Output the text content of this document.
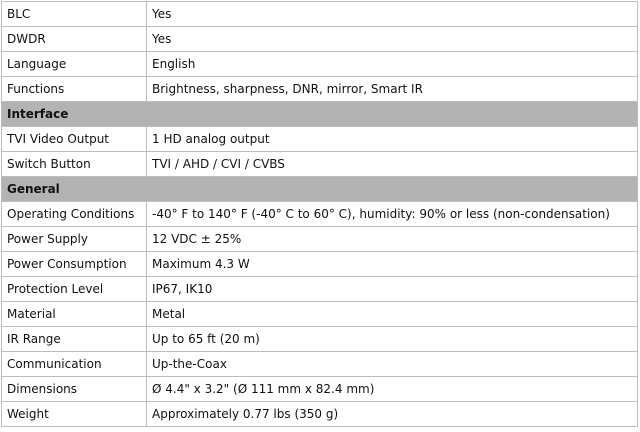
BLC	Yes
DWDR	Yes
Language	English
Functions	Brightness, sharpness, DNR, mirror, Smart IR
Interface	
TVI Video Output	1 HD analog output
Switch Button	TVI / AHD / CVI / CVBS
General	
Operating Conditions	-40° F to 140° F (-40° C to 60° C), humidity: 90% or less (non-condensation)
Power Supply	12 VDC ± 25%
Power Consumption	Maximum 4.3 W
Protection Level	IP67, IK10
Material	Metal
IR Range	Up to 65 ft (20 m)
Communication	Up-the-Coax
Dimensions	Ø 4.4" x 3.2" (Ø 111 mm x 82.4 mm)
Weight	Approximately 0.77 lbs (350 g)
